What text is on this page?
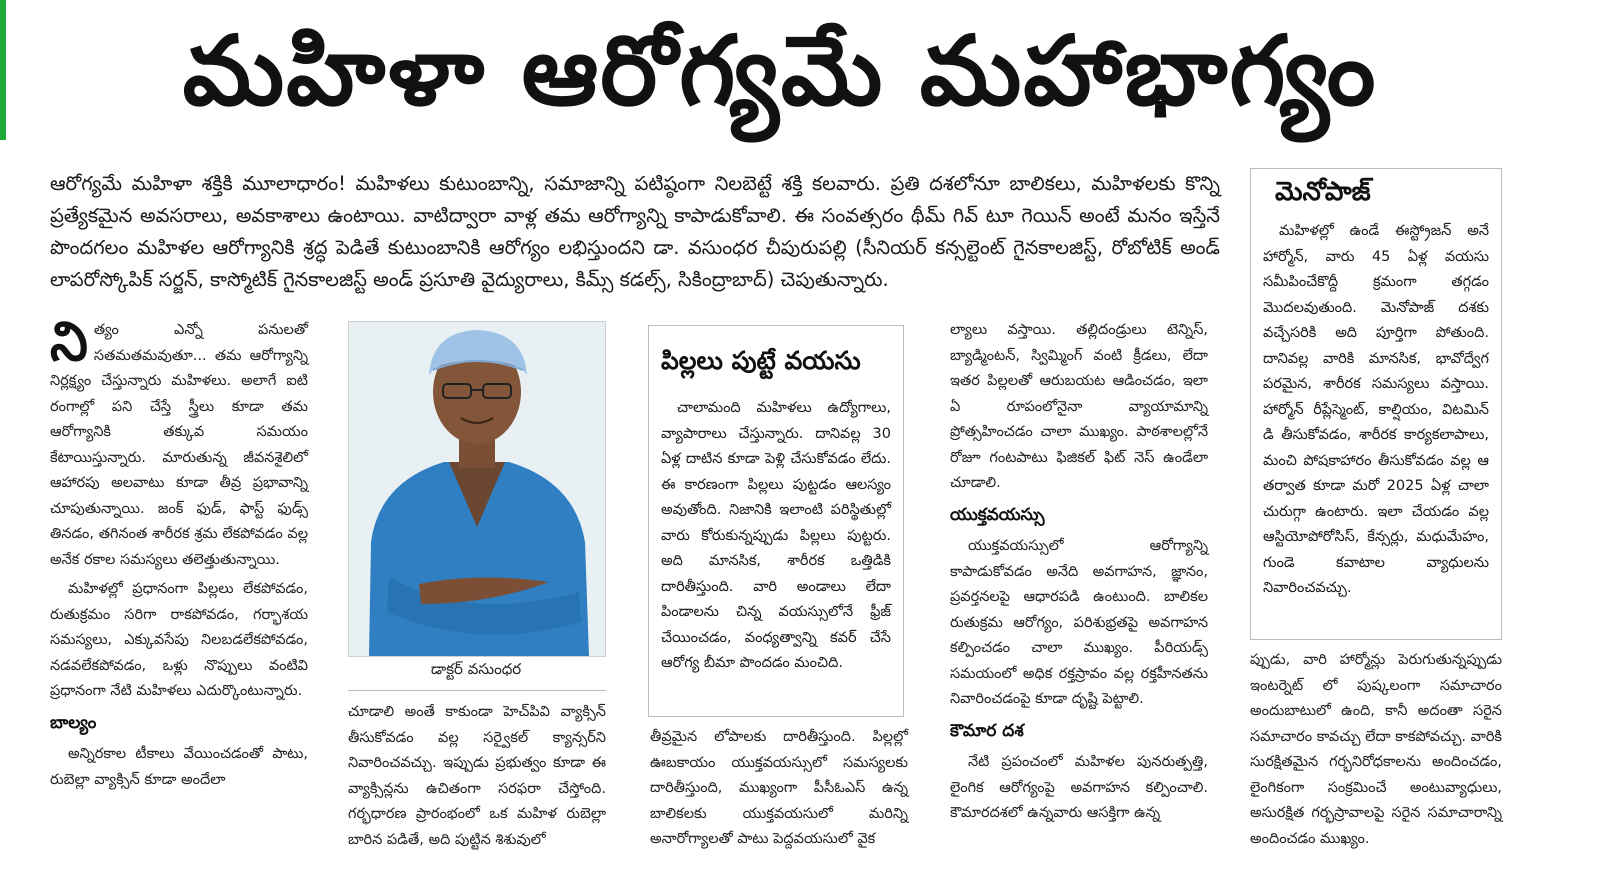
మహిళా ఆరోగ్యమే మహాభాగ్యం
ఆరోగ్యమే మహిళా శక్తికి మూలాధారం! మహిళలు కుటుంబాన్ని, సమాజాన్ని పటిష్ఠంగా నిలబెట్టే శక్తి కలవారు. ప్రతి దశలోనూ బాలికలు, మహిళలకు కొన్ని ప్రత్యేకమైన అవసరాలు, అవకాశాలు ఉంటాయి. వాటిద్వారా వాళ్ల తమ ఆరోగ్యాన్ని కాపాడుకోవాలి. ఈ సంవత్సరం థీమ్ గివ్ టూ గెయిన్ అంటే మనం ఇస్తేనే పొందగలం మహిళల ఆరోగ్యానికి శ్రద్ధ పెడితే కుటుంబానికి ఆరోగ్యం లభిస్తుందని డా. వసుంధర చీపురుపల్లి (సీనియర్ కన్సల్టెంట్ గైనకాలజిస్ట్, రోబోటిక్ అండ్ లాపరోస్కోపిక్ సర్జన్, కాస్మోటిక్ గైనకాలజిస్ట్ అండ్ ప్రసూతి వైద్యురాలు, కిమ్స్ కడల్స్, సికింద్రాబాద్) చెపుతున్నారు.

నిత్యం ఎన్నో పనులతో సతమతమవుతూ... తమ ఆరోగ్యాన్ని నిర్లక్ష్యం చేస్తున్నారు మహిళలు. అలాగే ఐటి రంగాల్లో పని చేస్తే స్త్రీలు కూడా తమ ఆరోగ్యానికి తక్కువ సమయం కేటాయిస్తున్నారు. మారుతున్న జీవనశైలిలో ఆహారపు అలవాటు కూడా తీవ్ర ప్రభావాన్ని చూపుతున్నాయి. జంక్ ఫుడ్, ఫాస్ట్ ఫుడ్స్ తినడం, తగినంత శారీరక శ్రమ లేకపోవడం వల్ల అనేక రకాల సమస్యలు తలెత్తుతున్నాయి.

మహిళల్లో ప్రధానంగా పిల్లలు లేకపోవడం, రుతుక్రమం సరిగా రాకపోవడం, గర్భాశయ సమస్యలు, ఎక్కువసేపు నిలబడలేకపోవడం, నడవలేకపోవడం, ఒళ్లు నొప్పులు వంటివి ప్రధానంగా నేటి మహిళలు ఎదుర్కొంటున్నారు.

బాల్యం

అన్నిరకాల టీకాలు వేయించడంతో పాటు, రుబెల్లా వ్యాక్సిన్ కూడా అందేలా

డాక్టర్ వసుంధర

చూడాలి అంతే కాకుండా హెచ్‌పివి వ్యాక్సిన్ తీసుకోవడం వల్ల సర్వైకల్ క్యాన్సర్‌ని నివారించవచ్చు. ఇప్పుడు ప్రభుత్వం కూడా ఈ వ్యాక్సిన్లను ఉచితంగా సరఫరా చేస్తోంది. గర్భధారణ ప్రారంభంలో ఒక మహిళ రుబెల్లా బారిన పడితే, అది పుట్టిన శిశువులో

పిల్లలు పుట్టే వయసు

చాలామంది మహిళలు ఉద్యోగాలు, వ్యాపారాలు చేస్తున్నారు. దానివల్ల 30 ఏళ్ల దాటిన కూడా పెళ్లి చేసుకోవడం లేదు. ఈ కారణంగా పిల్లలు పుట్టడం ఆలస్యం అవుతోంది. నిజానికి ఇలాంటి పరిస్థితుల్లో వారు కోరుకున్నప్పుడు పిల్లలు పుట్టరు. అది మానసిక, శారీరక ఒత్తిడికి దారితీస్తుంది. వారి అండాలు లేదా పిండాలను చిన్న వయస్సులోనే ఫ్రీజ్ చేయించడం, వంధ్యత్వాన్ని కవర్ చేసే ఆరోగ్య బీమా పొందడం మంచిది.

తీవ్రమైన లోపాలకు దారితీస్తుంది. పిల్లల్లో ఊబకాయం యుక్తవయస్సులో సమస్యలకు దారితీస్తుంది, ముఖ్యంగా పీసీఓఎస్ ఉన్న బాలికలకు యుక్తవయసులో మరిన్ని అనారోగ్యాలతో పాటు పెద్దవయసులో వైక

ల్యాలు వస్తాయి. తల్లిదండ్రులు టెన్నిస్, బ్యాడ్మింటన్, స్విమ్మింగ్ వంటి క్రీడలు, లేదా ఇతర పిల్లలతో ఆరుబయట ఆడించడం, ఇలా ఏ రూపంలోనైనా వ్యాయామాన్ని ప్రోత్సహించడం చాలా ముఖ్యం. పాఠశాలల్లోనే రోజూ గంటపాటు ఫిజికల్ ఫిట్ నెస్ ఉండేలా చూడాలి.

యుక్తవయస్సు

యుక్తవయస్సులో ఆరోగ్యాన్ని కాపాడుకోవడం అనేది అవగాహన, జ్ఞానం, ప్రవర్తనలపై ఆధారపడి ఉంటుంది. బాలికల రుతుక్రమ ఆరోగ్యం, పరిశుభ్రతపై అవగాహన కల్పించడం చాలా ముఖ్యం. పీరియడ్స్ సమయంలో అధిక రక్తస్రావం వల్ల రక్తహీనతను నివారించడంపై కూడా దృష్టి పెట్టాలి.

కౌమార దశ

నేటి ప్రపంచంలో మహిళల పునరుత్పత్తి, లైంగిక ఆరోగ్యంపై అవగాహన కల్పించాలి. కౌమారదశలో ఉన్నవారు ఆసక్తిగా ఉన్న

మెనోపాజ్

మహిళల్లో ఉండే ఈస్ట్రోజన్ అనే హార్మోన్, వారు 45 ఏళ్ల వయసు సమీపించేకొద్దీ క్రమంగా తగ్గడం మొదలవుతుంది. మెనోపాజ్ దశకు వచ్చేసరికి అది పూర్తిగా పోతుంది. దానివల్ల వారికి మానసిక, భావోద్వేగ పరమైన, శారీరక సమస్యలు వస్తాయి. హార్మోన్ రీప్లేస్మెంట్, కాల్షియం, విటమిన్ డి తీసుకోవడం, శారీరక కార్యకలాపాలు, మంచి పోషకాహారం తీసుకోవడం వల్ల ఆ తర్వాత కూడా మరో 2025 ఏళ్ల చాలా చురుగ్గా ఉంటారు. ఇలా చేయడం వల్ల ఆస్టియోపోరోసిస్, కేన్సర్లు, మధుమేహం, గుండె కవాటాల వ్యాధులను నివారించవచ్చు.

ప్పుడు, వారి హార్మోన్లు పెరుగుతున్నప్పుడు ఇంటర్నెట్ లో పుష్కలంగా సమాచారం అందుబాటులో ఉంది, కానీ అదంతా సరైన సమాచారం కావచ్చు లేదా కాకపోవచ్చు. వారికి సురక్షితమైన గర్భనిరోధకాలను అందించడం, లైంగికంగా సంక్రమించే అంటువ్యాధులు, అసురక్షిత గర్భస్రావాలపై సరైన సమాచారాన్ని అందించడం ముఖ్యం.
